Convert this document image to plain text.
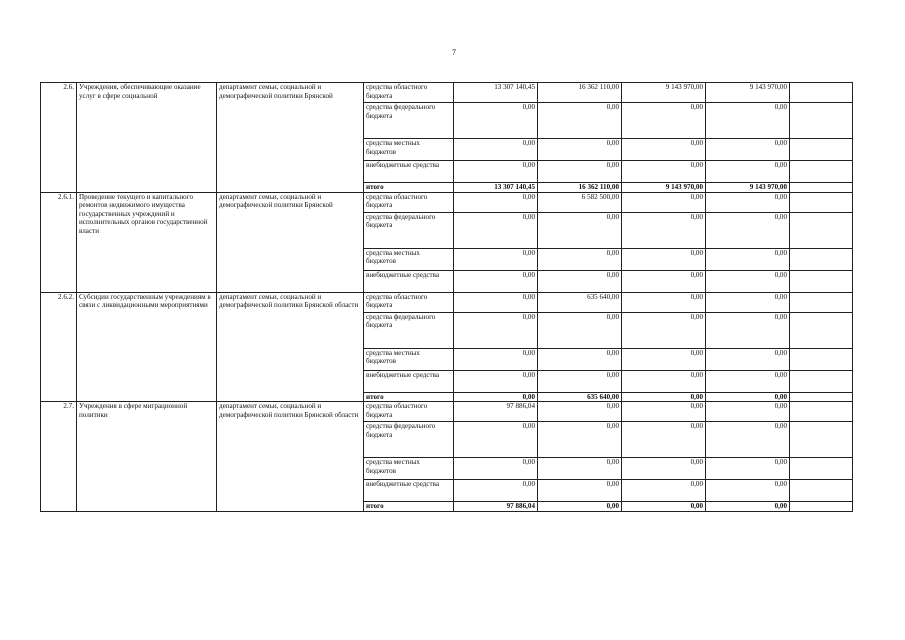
7
2.6.	Учреждения, обеспечивающие оказание услуг в сфере социальной	департамент семьи, социальной и демографической политики Брянской	средства областного бюджета	13 307 140,45	16 362 110,00	9 143 970,00	9 143 970,00	
			средства федерального бюджета	0,00	0,00	0,00	0,00	
			средства местных бюджетов	0,00	0,00	0,00	0,00	
			внебюджетные средства	0,00	0,00	0,00	0,00	
			итого	13 307 140,45	16 362 110,00	9 143 970,00	9 143 970,00	
2.6.1.	Проведение текущего и капитального ремонтов недвижимого имущества государственных учреждений и исполнительных органов государственной власти	департамент семьи, социальной и демографической политики Брянской	средства областного бюджета	0,00	6 582 500,00	0,00	0,00	
			средства федерального бюджета	0,00	0,00	0,00	0,00	
			средства местных бюджетов	0,00	0,00	0,00	0,00	
			внебюджетные средства	0,00	0,00	0,00	0,00	
2.6.2.	Субсидии государственным учреждениям в связи с ликвидационными мероприятиями	департамент семьи, социальной и демографической политики Брянской области	средства областного бюджета	0,00	635 640,00	0,00	0,00	
			средства федерального бюджета	0,00	0,00	0,00	0,00	
			средства местных бюджетов	0,00	0,00	0,00	0,00	
			внебюджетные средства	0,00	0,00	0,00	0,00	
			итого	0,00	635 640,00	0,00	0,00	
2.7.	Учреждения в сфере миграционной политики	департамент семьи, социальной и демографической политики Брянской области	средства областного бюджета	97 886,04	0,00	0,00	0,00	
			средства федерального бюджета	0,00	0,00	0,00	0,00	
			средства местных бюджетов	0,00	0,00	0,00	0,00	
			внебюджетные средства	0,00	0,00	0,00	0,00	
			итого	97 886,04	0,00	0,00	0,00	
